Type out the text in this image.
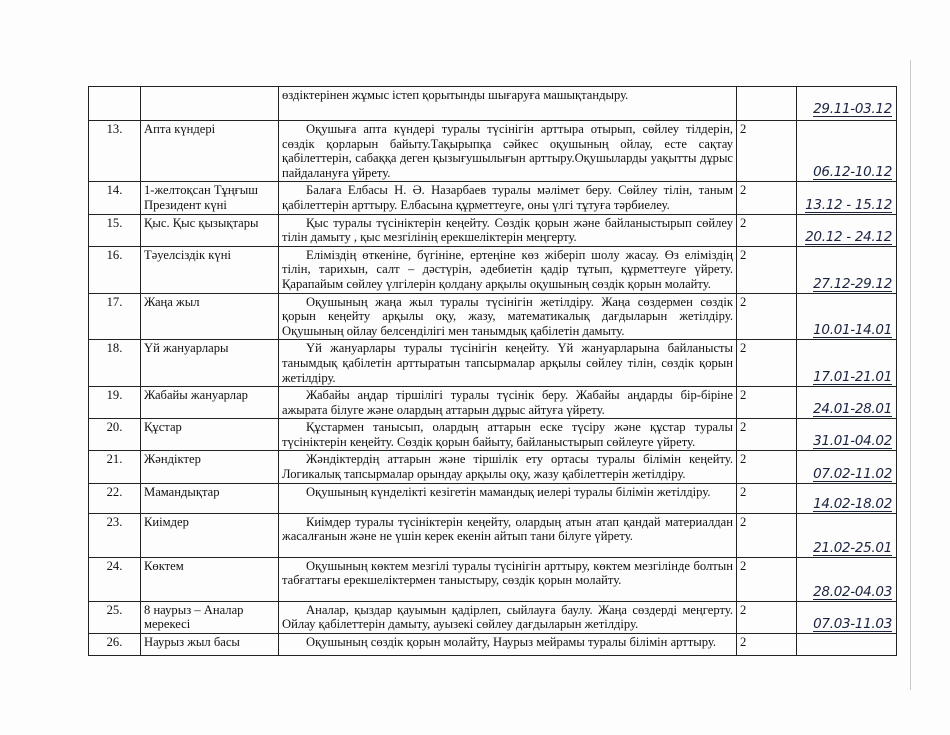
		өздіктерінен жұмыс істеп қорытынды шығаруға машықтандыру.		29.11-03.12

13.	Апта күндері	Оқушыға апта күндері туралы түсінігін арттыра отырып, сөйлеу тілдерін, сөздік қорларын байыту.Тақырыпқа сәйкес оқушының ойлау, есте сақтау қабілеттерін, сабаққа деген қызығушылығын арттыру.Оқушыларды уақытты дұрыс пайдалануға үйрету.	2	06.12-10.12

14.	1-желтоқсан Тұңғыш Президент күні	Балаға Елбасы Н. Ә. Назарбаев туралы мәлімет беру. Сөйлеу тілін, таным қабілеттерін арттыру. Елбасына құрметтеуге, оны үлгі тұтуға тәрбиелеу.	2	13.12 - 15.12

15.	Қыс. Қыс қызықтары	Қыс туралы түсініктерін кеңейту. Сөздік қорын және байланыстырып сөйлеу тілін дамыту , қыс мезгілінің ерекшеліктерін меңгерту.	2	20.12 - 24.12

16.	Тәуелсіздік күні	Еліміздің өткеніне, бүгініне, ертеңіне көз жіберіп шолу жасау. Өз еліміздің тілін, тарихын, салт – дәстүрін, әдебиетін қадір тұтып, құрметтеуге үйрету. Қарапайым сөйлеу үлгілерін қолдану арқылы оқушының сөздік қорын молайту.	2	27.12-29.12

17.	Жаңа жыл	Оқушының жаңа жыл туралы түсінігін жетілдіру. Жаңа сөздермен сөздік қорын кеңейту арқылы оқу, жазу, математикалық дағдыларын жетілдіру. Оқушының ойлау белсенділігі мен танымдық қабілетін дамыту.	2	10.01-14.01

18.	Үй жануарлары	Үй жануарлары туралы түсінігін кеңейту. Үй жануарларына байланысты танымдық қабілетін арттыратын тапсырмалар арқылы сөйлеу тілін, сөздік қорын жетілдіру.	2	17.01-21.01

19.	Жабайы жануарлар	Жабайы аңдар тіршілігі туралы түсінік беру. Жабайы аңдарды бір-біріне ажырата білуге және олардың аттарын дұрыс айтуға үйрету.	2	24.01-28.01

20.	Құстар	Құстармен танысып, олардың аттарын еске түсіру және құстар туралы түсініктерін кеңейту. Сөздік қорын байыту, байланыстырып сөйлеуге үйрету.	2	31.01-04.02

21.	Жәндіктер	Жәндіктердің аттарын және тіршілік ету ортасы туралы білімін кеңейту. Логикалық тапсырмалар орындау арқылы оқу, жазу қабілеттерін жетілдіру.	2	07.02-11.02

22.	Мамандықтар	Оқушының күнделікті кезігетін мамандық иелері туралы білімін жетілдіру.	2	14.02-18.02

23.	Киімдер	Киімдер туралы түсініктерін кеңейту, олардың атын атап қандай материалдан жасалғанын және не үшін керек екенін айтып тани білуге үйрету.	2	21.02-25.01

24.	Көктем	Оқушының көктем мезгілі туралы түсінігін арттыру, көктем мезгілінде болтын табғаттағы ерекшеліктермен таныстыру, сөздік қорын молайту.	2	28.02-04.03

25.	8 наурыз – Аналар мерекесі	Аналар, қыздар қауымын қадірлеп, сыйлауға баулу. Жаңа сөздерді меңгерту. Ойлау қабілеттерін дамыту, ауызекі сөйлеу дағдыларын жетілдіру.	2	07.03-11.03

26.	Наурыз жыл басы	Оқушының сөздік қорын молайту, Наурыз мейрамы туралы білімін арттыру.	2	
